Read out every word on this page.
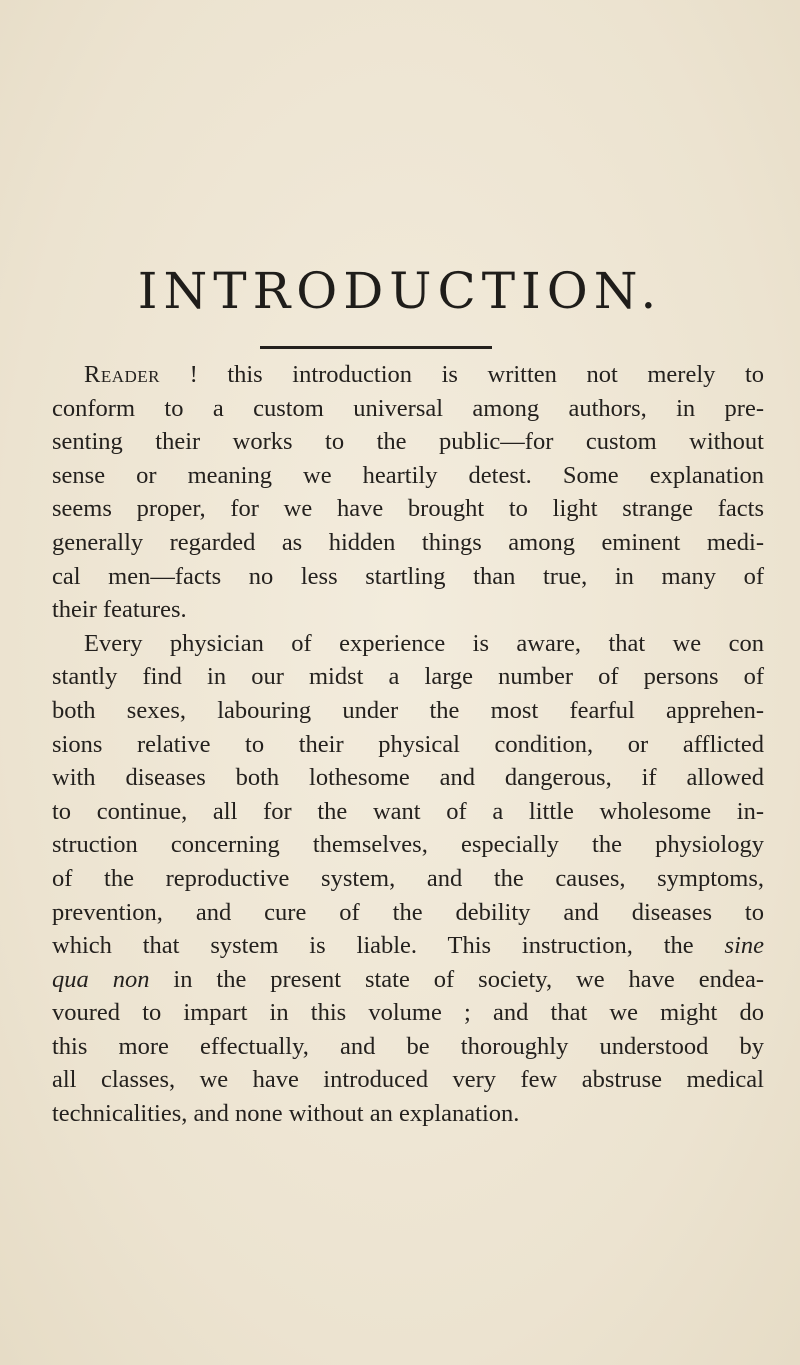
INTRODUCTION.
Reader ! this introduction is written not merely to
conform to a custom universal among authors, in pre-
senting their works to the public—for custom without
sense or meaning we heartily detest. Some explanation
seems proper, for we have brought to light strange facts
generally regarded as hidden things among eminent medi-
cal men—facts no less startling than true, in many of
their features.
Every physician of experience is aware, that we con
stantly find in our midst a large number of persons of
both sexes, labouring under the most fearful apprehen-
sions relative to their physical condition, or afflicted
with diseases both lothesome and dangerous, if allowed
to continue, all for the want of a little wholesome in-
struction concerning themselves, especially the physiology
of the reproductive system, and the causes, symptoms,
prevention, and cure of the debility and diseases to
which that system is liable. This instruction, the sine
qua non in the present state of society, we have endea-
voured to impart in this volume ; and that we might do
this more effectually, and be thoroughly understood by
all classes, we have introduced very few abstruse medical
technicalities, and none without an explanation.
